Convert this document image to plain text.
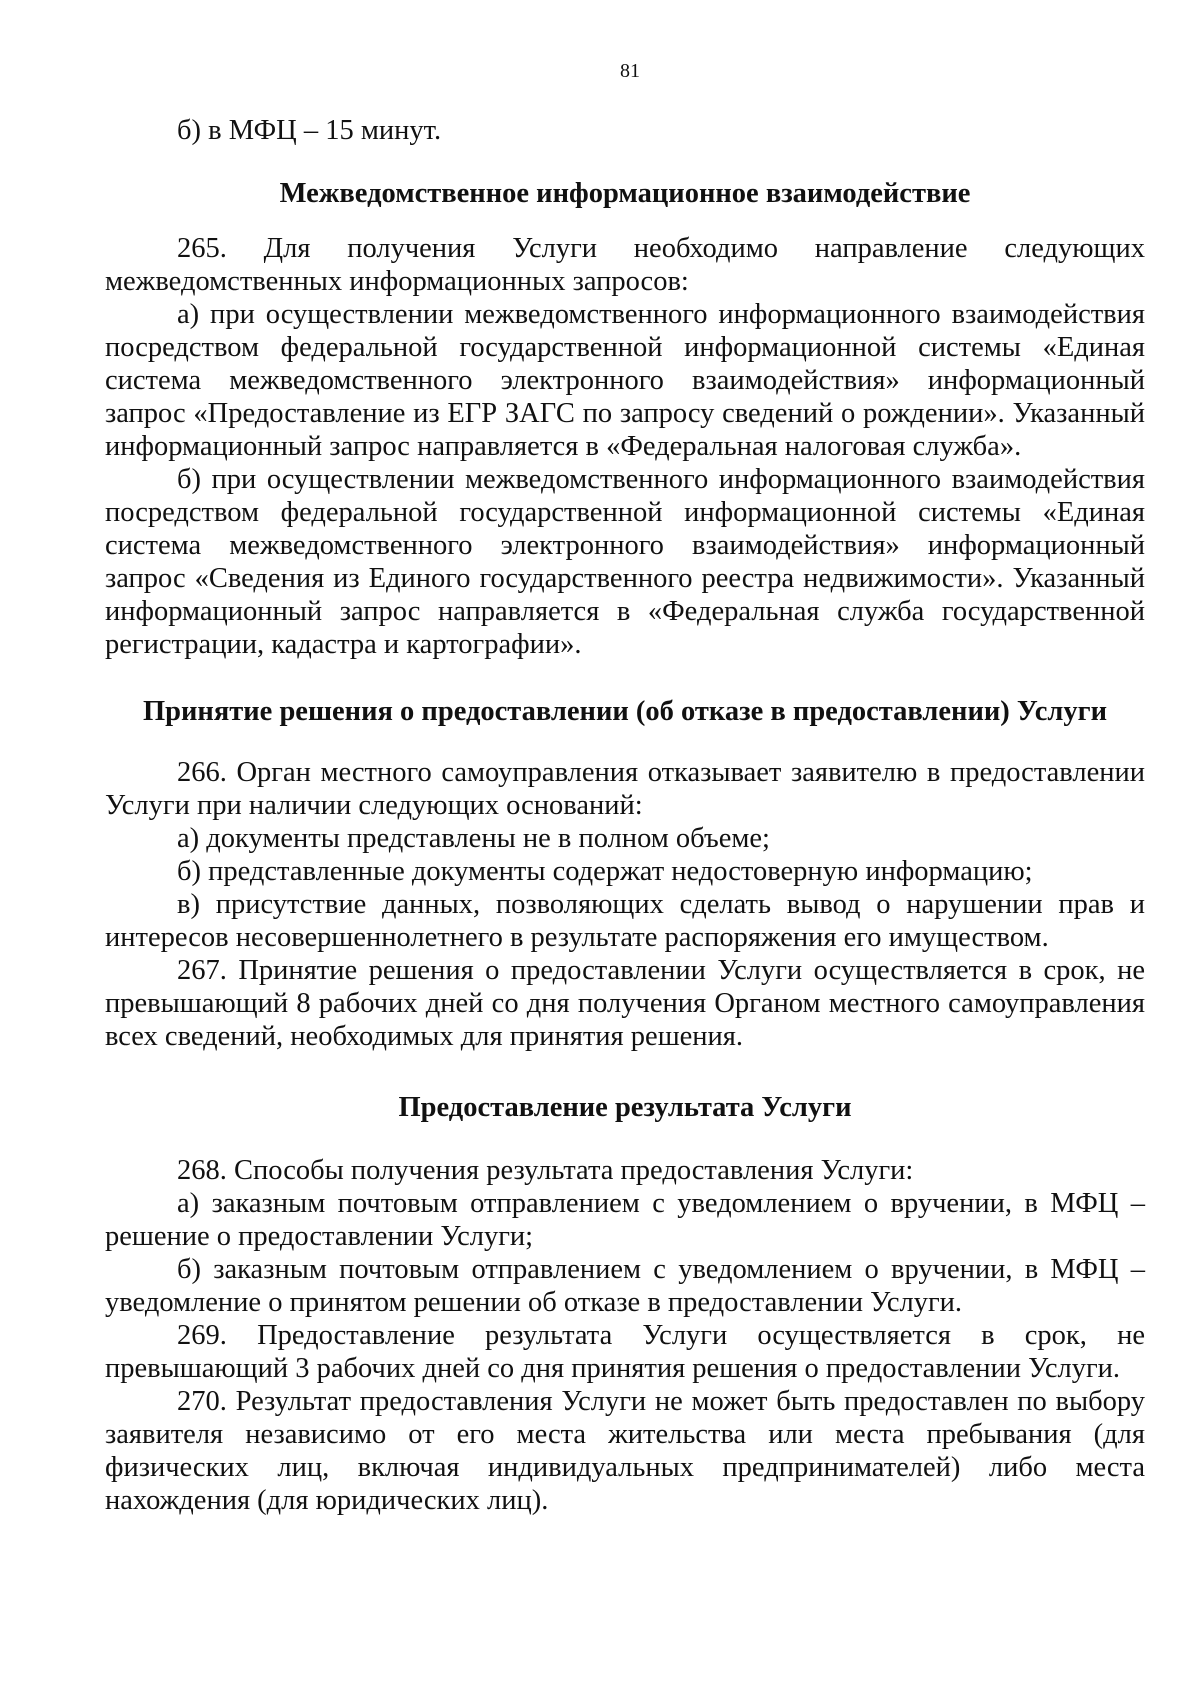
81

б) в МФЦ – 15 минут.

Межведомственное информационное взаимодействие

265. Для получения Услуги необходимо направление следующих межведомственных информационных запросов:

а) при осуществлении межведомственного информационного взаимодействия посредством федеральной государственной информационной системы «Единая система межведомственного электронного взаимодействия» информационный запрос «Предоставление из ЕГР ЗАГС по запросу сведений о рождении». Указанный информационный запрос направляется в «Федеральная налоговая служба».

б) при осуществлении межведомственного информационного взаимодействия посредством федеральной государственной информационной системы «Единая система межведомственного электронного взаимодействия» информационный запрос «Сведения из Единого государственного реестра недвижимости». Указанный информационный запрос направляется в «Федеральная служба государственной регистрации, кадастра и картографии».

Принятие решения о предоставлении (об отказе в предоставлении) Услуги

266. Орган местного самоуправления отказывает заявителю в предоставлении Услуги при наличии следующих оснований:

а) документы представлены не в полном объеме;

б) представленные документы содержат недостоверную информацию;

в) присутствие данных, позволяющих сделать вывод о нарушении прав и интересов несовершеннолетнего в результате распоряжения его имуществом.

267. Принятие решения о предоставлении Услуги осуществляется в срок, не превышающий 8 рабочих дней со дня получения Органом местного самоуправления всех сведений, необходимых для принятия решения.

Предоставление результата Услуги

268. Способы получения результата предоставления Услуги:

а) заказным почтовым отправлением с уведомлением о вручении, в МФЦ – решение о предоставлении Услуги;

б) заказным почтовым отправлением с уведомлением о вручении, в МФЦ – уведомление о принятом решении об отказе в предоставлении Услуги.

269. Предоставление результата Услуги осуществляется в срок, не превышающий 3 рабочих дней со дня принятия решения о предоставлении Услуги.

270. Результат предоставления Услуги не может быть предоставлен по выбору заявителя независимо от его места жительства или места пребывания (для физических лиц, включая индивидуальных предпринимателей) либо места нахождения (для юридических лиц).
